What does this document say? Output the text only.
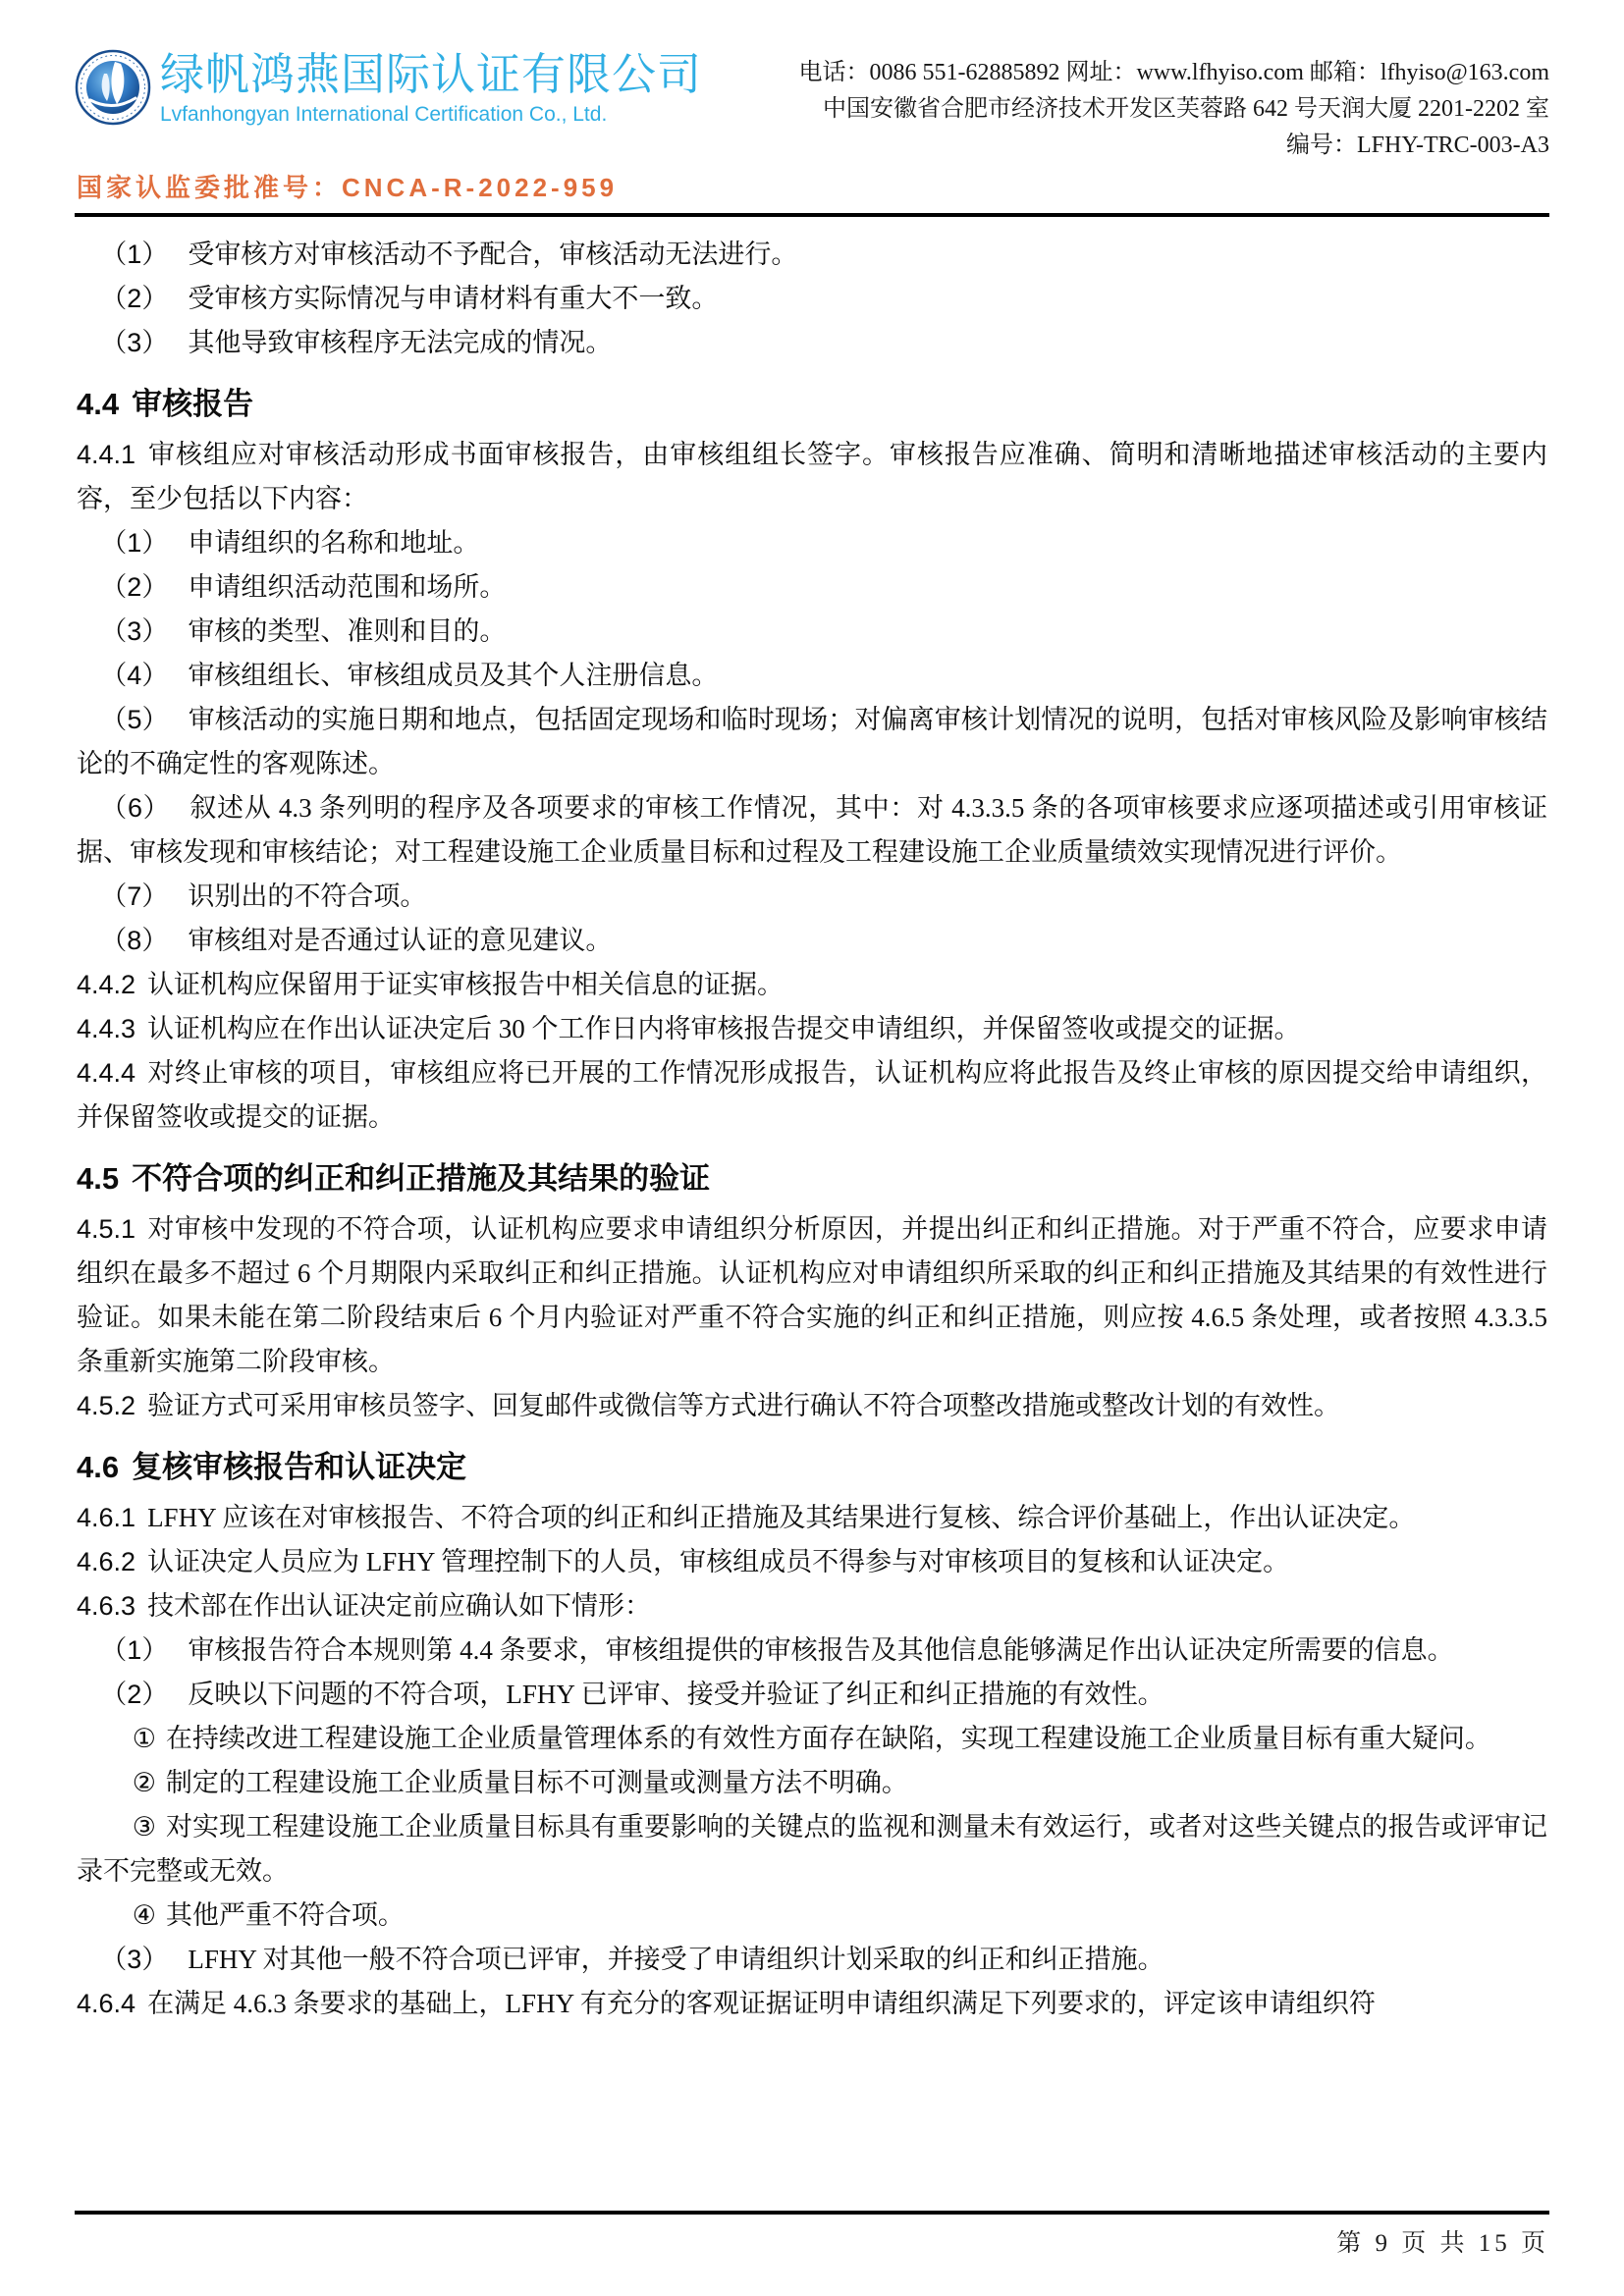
绿帆鸿燕国际认证有限公司
Lvfanhongyan International Certification Co., Ltd.
电话：0086 551-62885892 网址：www.lfhyiso.com 邮箱：lfhyiso@163.com
中国安徽省合肥市经济技术开发区芙蓉路 642 号天润大厦 2201-2202 室
编号：LFHY-TRC-003-A3
国家认监委批准号：CNCA-R-2022-959

（1） 受审核方对审核活动不予配合，审核活动无法进行。

（2） 受审核方实际情况与申请材料有重大不一致。

（3） 其他导致审核程序无法完成的情况。

4.4 审核报告

4.4.1 审核组应对审核活动形成书面审核报告，由审核组组长签字。审核报告应准确、简明和清晰地描述审核活动的主要内容，至少包括以下内容：

（1） 申请组织的名称和地址。

（2） 申请组织活动范围和场所。

（3） 审核的类型、准则和目的。

（4） 审核组组长、审核组成员及其个人注册信息。

（5） 审核活动的实施日期和地点，包括固定现场和临时现场；对偏离审核计划情况的说明，包括对审核风险及影响审核结论的不确定性的客观陈述。

（6） 叙述从 4.3 条列明的程序及各项要求的审核工作情况，其中：对 4.3.3.5 条的各项审核要求应逐项描述或引用审核证据、审核发现和审核结论；对工程建设施工企业质量目标和过程及工程建设施工企业质量绩效实现情况进行评价。

（7） 识别出的不符合项。

（8） 审核组对是否通过认证的意见建议。

4.4.2 认证机构应保留用于证实审核报告中相关信息的证据。

4.4.3 认证机构应在作出认证决定后 30 个工作日内将审核报告提交申请组织，并保留签收或提交的证据。

4.4.4 对终止审核的项目，审核组应将已开展的工作情况形成报告，认证机构应将此报告及终止审核的原因提交给申请组织，并保留签收或提交的证据。

4.5 不符合项的纠正和纠正措施及其结果的验证

4.5.1 对审核中发现的不符合项，认证机构应要求申请组织分析原因，并提出纠正和纠正措施。对于严重不符合，应要求申请组织在最多不超过 6 个月期限内采取纠正和纠正措施。认证机构应对申请组织所采取的纠正和纠正措施及其结果的有效性进行验证。如果未能在第二阶段结束后 6 个月内验证对严重不符合实施的纠正和纠正措施，则应按 4.6.5 条处理，或者按照 4.3.3.5 条重新实施第二阶段审核。

4.5.2 验证方式可采用审核员签字、回复邮件或微信等方式进行确认不符合项整改措施或整改计划的有效性。

4.6 复核审核报告和认证决定

4.6.1 LFHY 应该在对审核报告、不符合项的纠正和纠正措施及其结果进行复核、综合评价基础上，作出认证决定。

4.6.2 认证决定人员应为 LFHY 管理控制下的人员，审核组成员不得参与对审核项目的复核和认证决定。

4.6.3 技术部在作出认证决定前应确认如下情形：

（1） 审核报告符合本规则第 4.4 条要求，审核组提供的审核报告及其他信息能够满足作出认证决定所需要的信息。

（2） 反映以下问题的不符合项，LFHY 已评审、接受并验证了纠正和纠正措施的有效性。

① 在持续改进工程建设施工企业质量管理体系的有效性方面存在缺陷，实现工程建设施工企业质量目标有重大疑问。

② 制定的工程建设施工企业质量目标不可测量或测量方法不明确。

③ 对实现工程建设施工企业质量目标具有重要影响的关键点的监视和测量未有效运行，或者对这些关键点的报告或评审记录不完整或无效。

④ 其他严重不符合项。

（3） LFHY 对其他一般不符合项已评审，并接受了申请组织计划采取的纠正和纠正措施。

4.6.4 在满足 4.6.3 条要求的基础上，LFHY 有充分的客观证据证明申请组织满足下列要求的，评定该申请组织符

第 9 页 共 15 页
